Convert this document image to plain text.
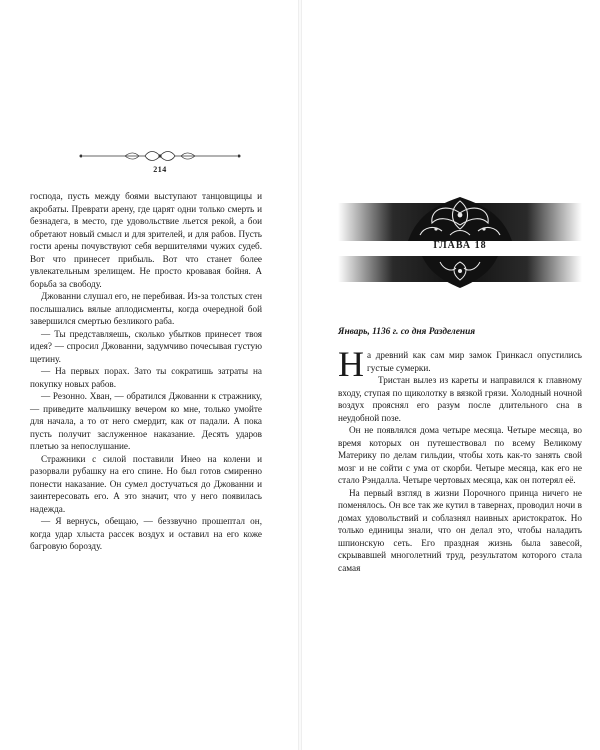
214

господа, пусть между боями выступают танцовщицы и акробаты. Преврати арену, где царят одни только смерть и безнадега, в место, где удовольствие льется рекой, а бои обретают новый смысл и для зрителей, и для рабов. Пусть гости арены почувствуют себя вершителями чужих судеб. Вот что принесет прибыль. Вот что станет более увлекательным зрелищем. Не просто кровавая бойня. А борьба за свободу.

Джованни слушал его, не перебивая. Из-за толстых стен послышались вялые аплодисменты, когда очередной бой завершился смертью безликого раба.

— Ты представляешь, сколько убытков принесет твоя идея? — спросил Джованни, задумчиво почесывая густую щетину.

— На первых порах. Зато ты сократишь затраты на покупку новых рабов.

— Резонно. Хван, — обратился Джованни к стражнику, — приведите мальчишку вечером ко мне, только умойте для начала, а то от него смердит, как от падали. А пока пусть получит заслуженное наказание. Десять ударов плетью за непослушание.

Стражники с силой поставили Инео на колени и разорвали рубашку на его спине. Но был готов смиренно понести наказание. Он сумел достучаться до Джованни и заинтересовать его. А это значит, что у него появилась надежда.

— Я вернусь, обещаю, — беззвучно прошептал он, когда удар хлыста рассек воздух и оставил на его коже багровую борозду.

ГЛАВА 18
Январь, 1136 г. со дня Разделения

На древний как сам мир замок Гринкасл опустились густые сумерки.

Тристан вылез из кареты и направился к главному входу, ступая по щиколотку в вязкой грязи. Холодный ночной воздух прояснял его разум после длительного сна в неудобной позе.

Он не появлялся дома четыре месяца. Четыре месяца, во время которых он путешествовал по всему Великому Материку по делам гильдии, чтобы хоть как-то занять свой мозг и не сойти с ума от скорби. Четыре месяца, как его не стало Рэндалла. Четыре чертовых месяца, как он потерял её.

На первый взгляд в жизни Порочного принца ничего не поменялось. Он все так же кутил в тавернах, проводил ночи в домах удовольствий и соблазнял наивных аристократок. Но только единицы знали, что он делал это, чтобы наладить шпионскую сеть. Его праздная жизнь была завесой, скрывавшей многолетний труд, результатом которого стала самая
